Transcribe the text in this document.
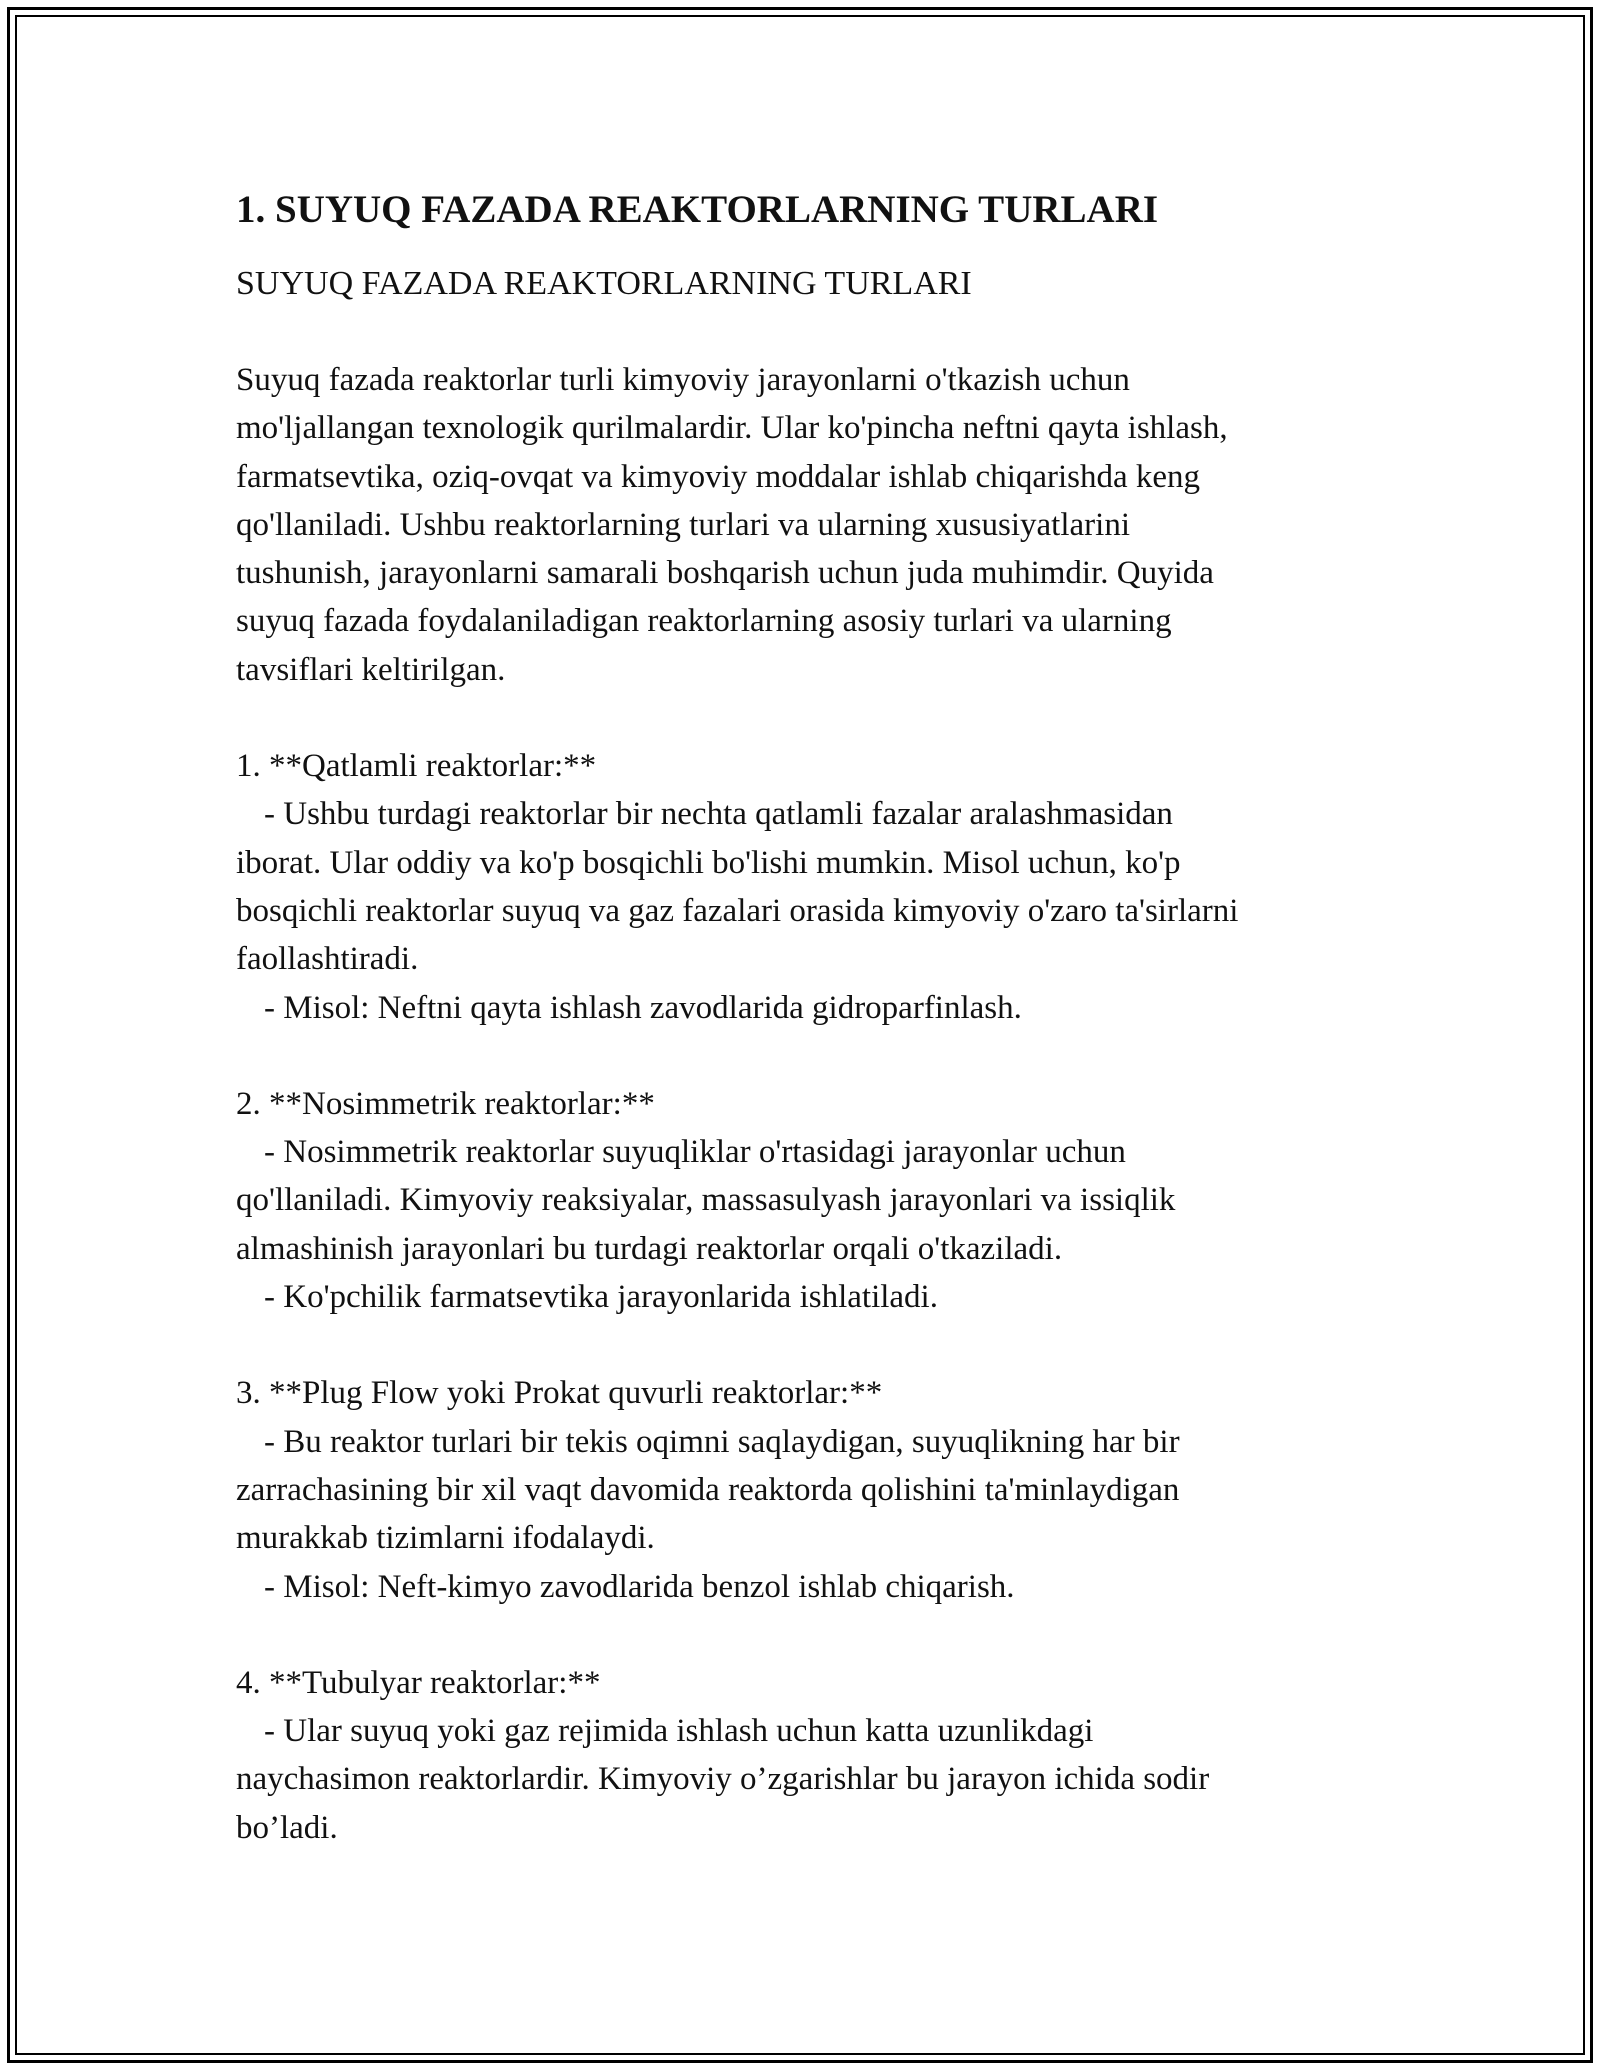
1. SUYUQ FAZADA REAKTORLARNING TURLARI
SUYUQ FAZADA REAKTORLARNING TURLARI
Suyuq fazada reaktorlar turli kimyoviy jarayonlarni o'tkazish uchun
mo'ljallangan texnologik qurilmalardir. Ular ko'pincha neftni qayta ishlash,
farmatsevtika, oziq-ovqat va kimyoviy moddalar ishlab chiqarishda keng
qo'llaniladi. Ushbu reaktorlarning turlari va ularning xususiyatlarini
tushunish, jarayonlarni samarali boshqarish uchun juda muhimdir. Quyida
suyuq fazada foydalaniladigan reaktorlarning asosiy turlari va ularning
tavsiflari keltirilgan.
1. **Qatlamli reaktorlar:**
- Ushbu turdagi reaktorlar bir nechta qatlamli fazalar aralashmasidan
iborat. Ular oddiy va ko'p bosqichli bo'lishi mumkin. Misol uchun, ko'p
bosqichli reaktorlar suyuq va gaz fazalari orasida kimyoviy o'zaro ta'sirlarni
faollashtiradi.
- Misol: Neftni qayta ishlash zavodlarida gidroparfinlash.
2. **Nosimmetrik reaktorlar:**
- Nosimmetrik reaktorlar suyuqliklar o'rtasidagi jarayonlar uchun
qo'llaniladi. Kimyoviy reaksiyalar, massasulyash jarayonlari va issiqlik
almashinish jarayonlari bu turdagi reaktorlar orqali o'tkaziladi.
- Ko'pchilik farmatsevtika jarayonlarida ishlatiladi.
3. **Plug Flow yoki Prokat quvurli reaktorlar:**
- Bu reaktor turlari bir tekis oqimni saqlaydigan, suyuqlikning har bir
zarrachasining bir xil vaqt davomida reaktorda qolishini ta'minlaydigan
murakkab tizimlarni ifodalaydi.
- Misol: Neft-kimyo zavodlarida benzol ishlab chiqarish.
4. **Tubulyar reaktorlar:**
- Ular suyuq yoki gaz rejimida ishlash uchun katta uzunlikdagi
naychasimon reaktorlardir. Kimyoviy o’zgarishlar bu jarayon ichida sodir
bo’ladi.
